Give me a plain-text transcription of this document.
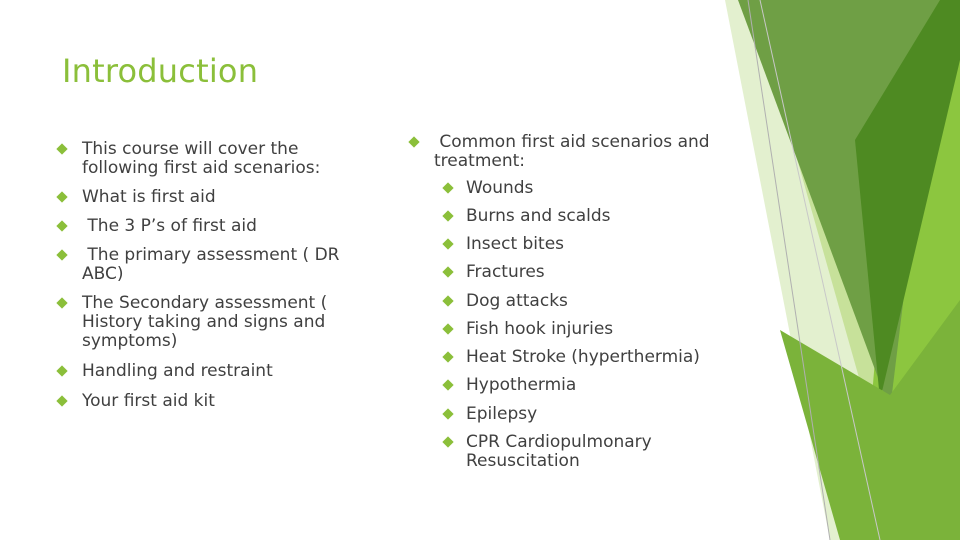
Introduction
This course will cover the following first aid scenarios:
What is first aid
The 3 P’s of first aid
The primary assessment ( DR ABC)
The Secondary assessment ( History taking and signs and symptoms)
Handling and restraint
Your first aid kit
Common first aid scenarios and treatment:
Wounds
Burns and scalds
Insect bites
Fractures
Dog attacks
Fish hook injuries
Heat Stroke (hyperthermia)
Hypothermia
Epilepsy
CPR Cardiopulmonary Resuscitation
